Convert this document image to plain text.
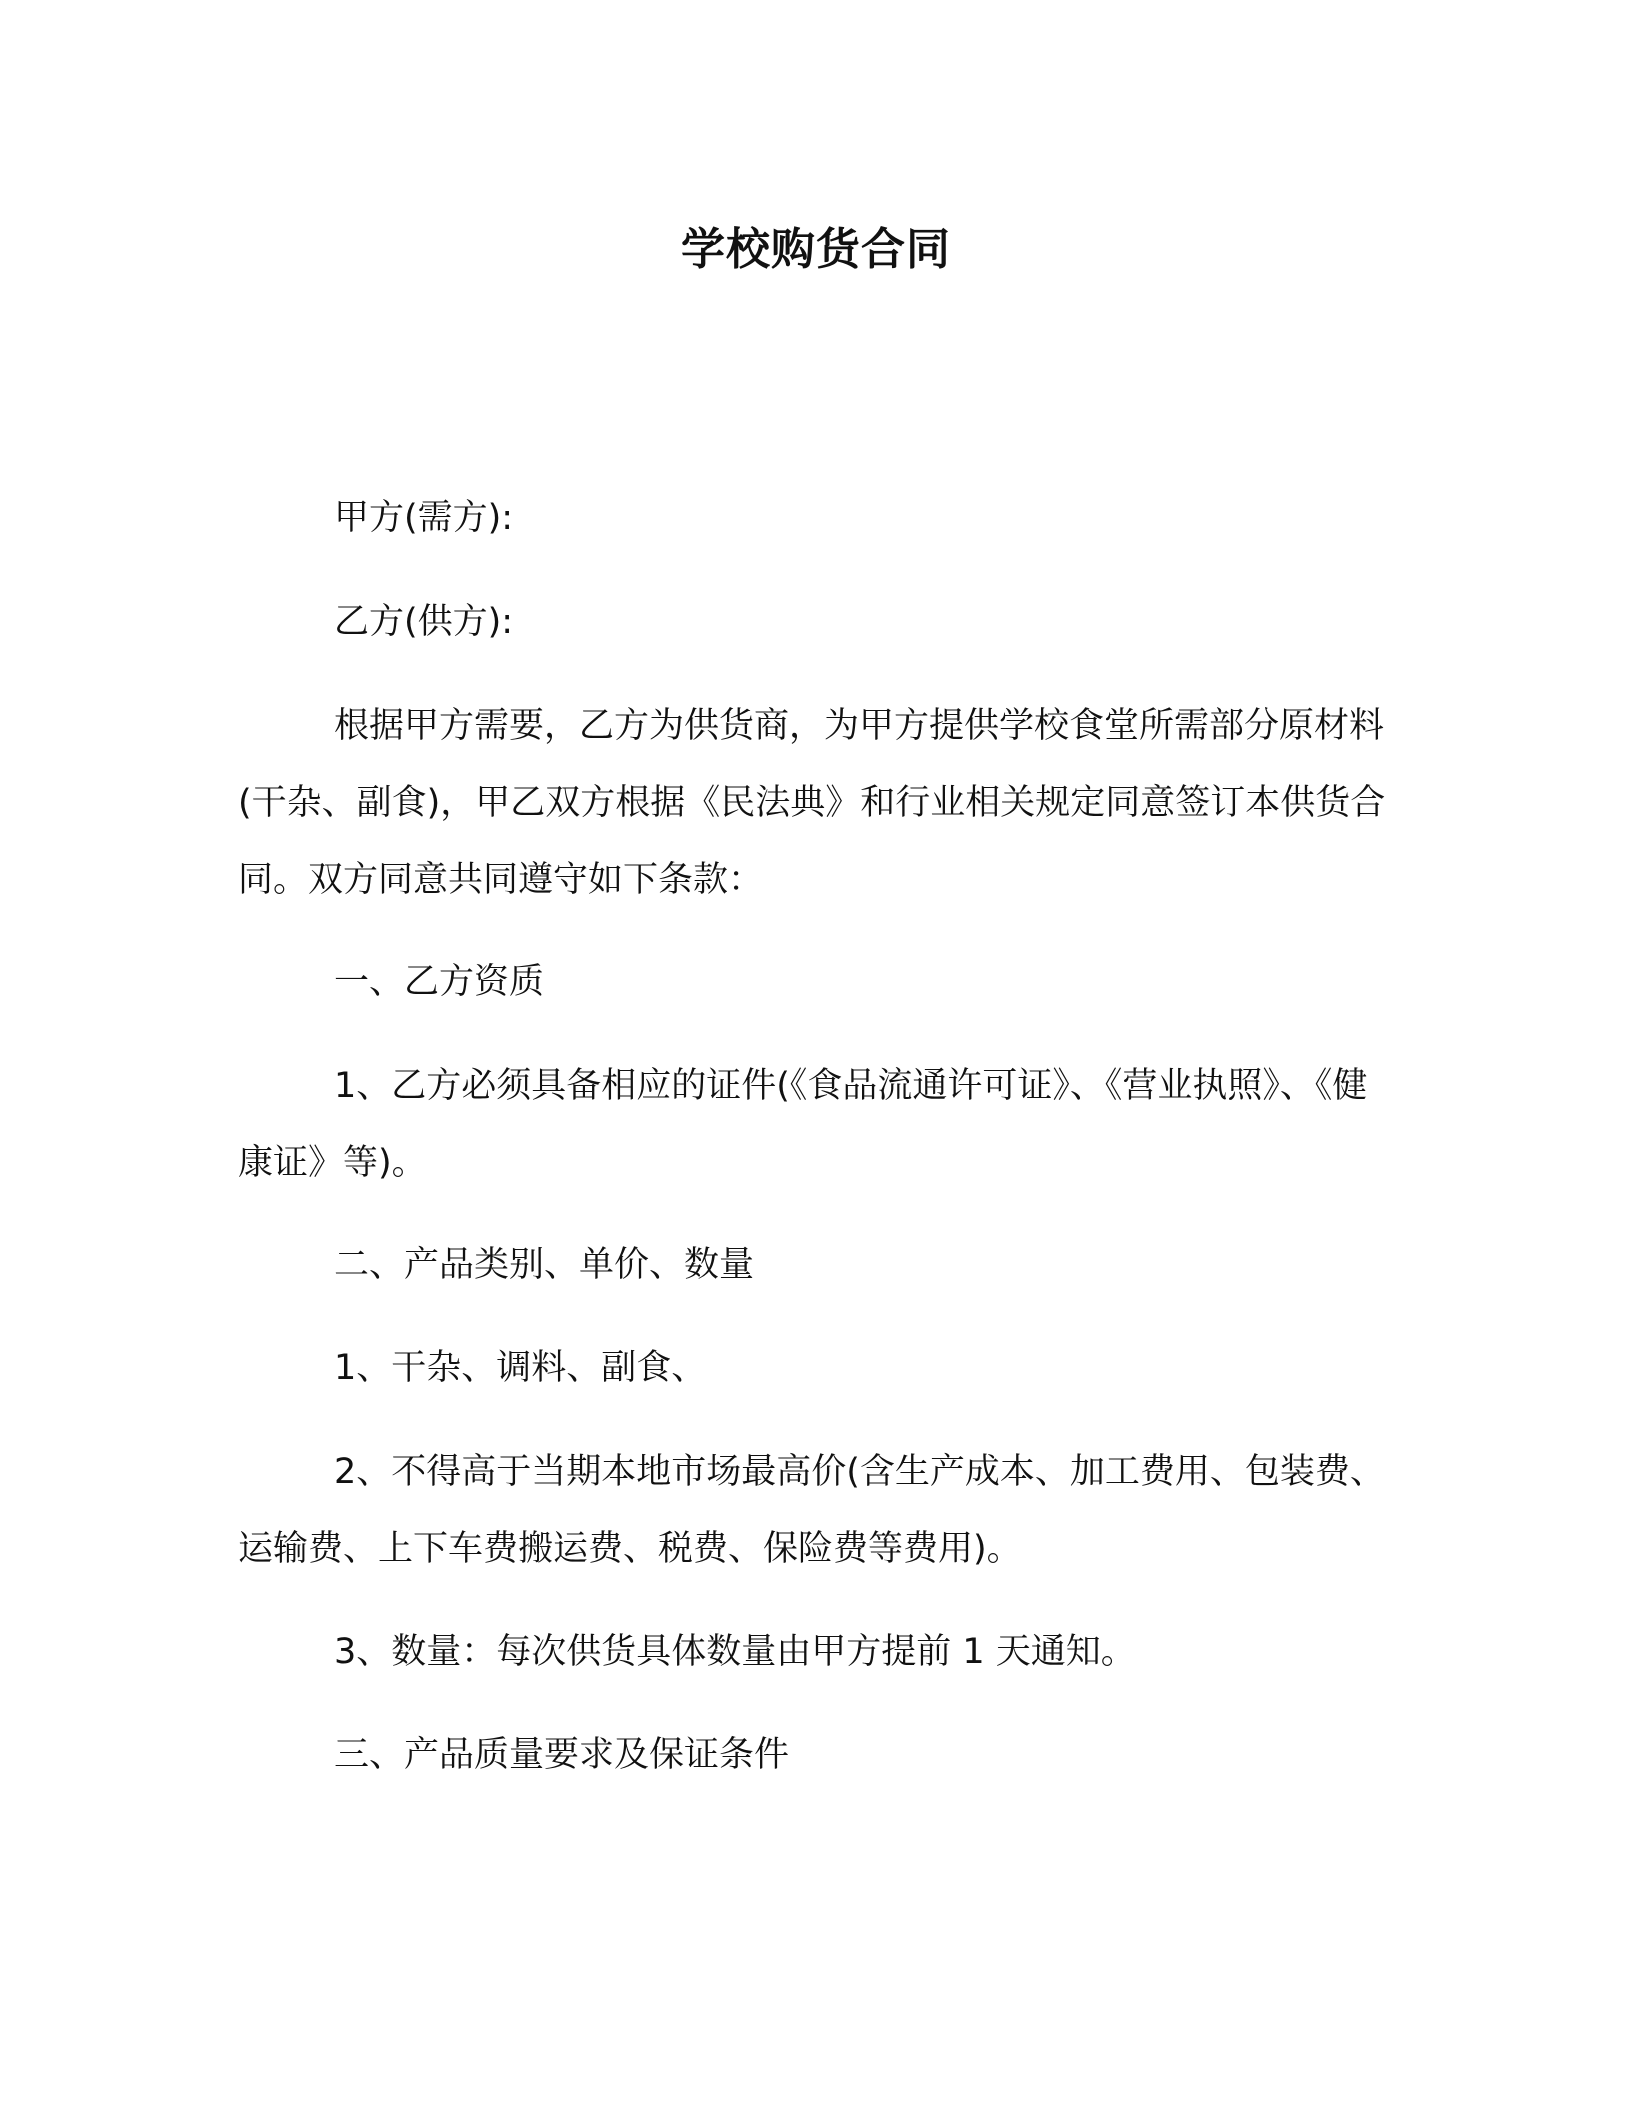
学校购货合同

甲方(需方):

乙方(供方):

根据甲方需要，乙方为供货商，为甲方提供学校食堂所需部分原材料(干杂、副食)，甲乙双方根据《民法典》和行业相关规定同意签订本供货合同。双方同意共同遵守如下条款：

一、乙方资质

1、乙方必须具备相应的证件(《食品流通许可证》、《营业执照》、《健康证》等)。

二、产品类别、单价、数量

1、干杂、调料、副食、

2、不得高于当期本地市场最高价(含生产成本、加工费用、包装费、运输费、上下车费搬运费、税费、保险费等费用)。

3、数量：每次供货具体数量由甲方提前 1 天通知。

三、产品质量要求及保证条件
